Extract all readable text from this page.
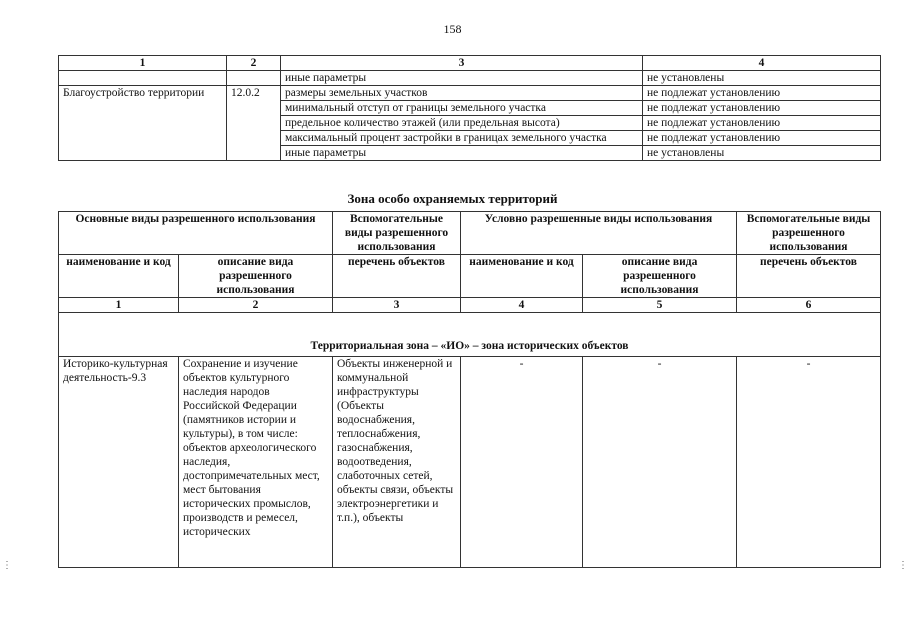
158
1	2	3	4
		иные параметры	не установлены
Благоустройство территории	12.0.2	размеры земельных участков	не подлежат установлению
		минимальный отступ от границы земельного участка	не подлежат установлению
		предельное количество этажей (или предельная высота)	не подлежат установлению
		максимальный процент застройки в границах земельного участка	не подлежат установлению
		иные параметры	не установлены
Зона особо охраняемых территорий
Основные виды разрешенного использования		Вспомогательные виды разрешенного использования	Условно разрешенные виды использования		Вспомогательные виды разрешенного использования
наименование и код	описание вида разрешенного использования	перечень объектов	наименование и код	описание вида разрешенного использования	перечень объектов
1	2	3	4	5	6
Территориальная зона – «ИО» – зона исторических объектов					
Историко-культурная деятельность-9.3	Сохранение и изучение объектов культурного наследия народов Российской Федерации (памятников истории и культуры), в том числе: объектов археологического наследия, достопримечательных мест, мест бытования исторических промыслов, производств и ремесел, исторических	Объекты инженерной и коммунальной инфраструктуры (Объекты водоснабжения, теплоснабжения, газоснабжения, водоотведения, слаботочных сетей, объекты связи, объекты электроэнергетики и т.п.), объекты	-	-	-
⋮	⋮
